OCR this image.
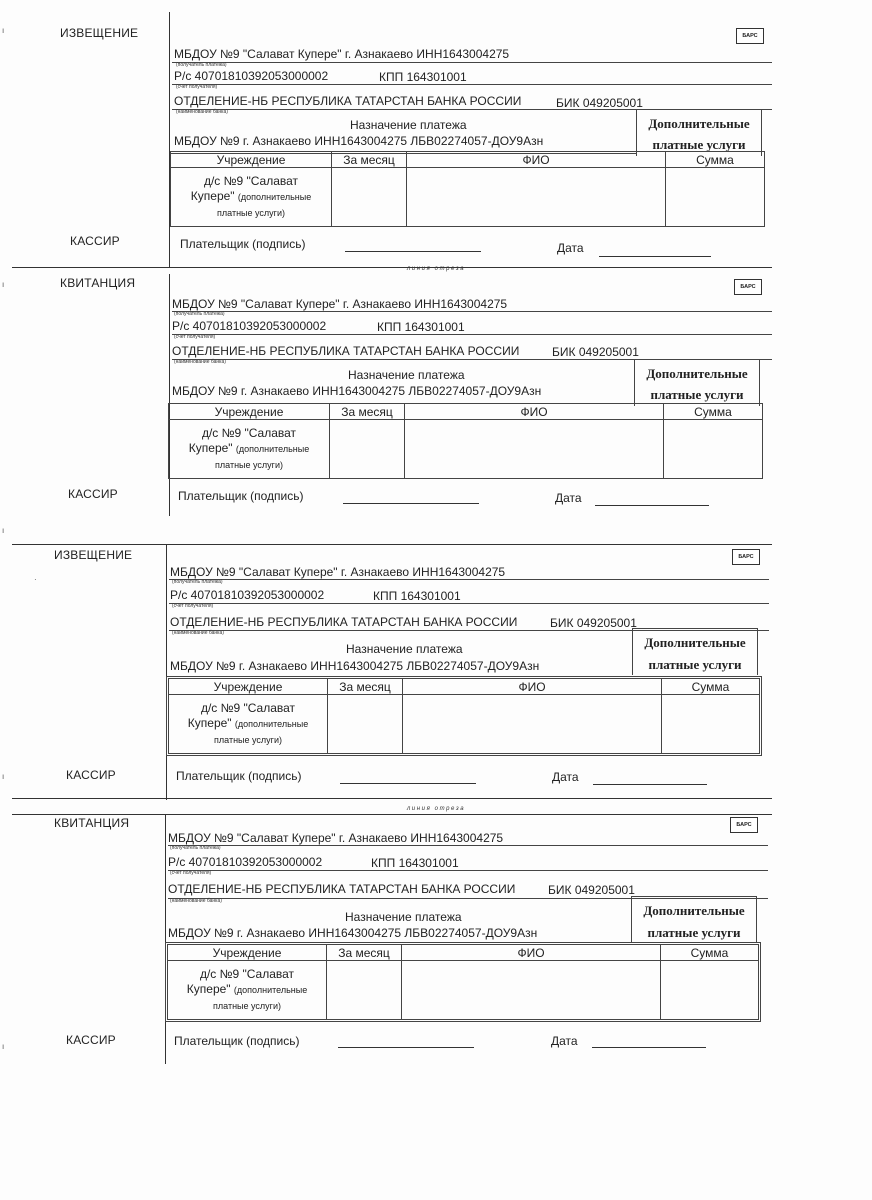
ИЗВЕЩЕНИЕ
КАССИР
БАРС
МБДОУ №9 "Салават Купере" г. Азнакаево ИНН1643004275
(получатель платежа)
Р/с 40701810392053000002	КПП 164301001
(счет получателя)
ОТДЕЛЕНИЕ-НБ РЕСПУБЛИКА ТАТАРСТАН БАНКА РОССИИ	БИК 049205001
(наименование банка)
Назначение платежа
МБДОУ №9 г. Азнакаево ИНН1643004275 ЛБВ02274057-ДОУ9Азн
Дополнительные
платные услуги
Учреждение	За месяц	ФИО	Сумма
д/с №9 "Салават
Купере" (дополнительные
платные услуги)			
Плательщик (подпись)	Дата
линия отреза
КВИТАНЦИЯ
КАССИР
БАРС
МБДОУ №9 "Салават Купере" г. Азнакаево ИНН1643004275
(получатель платежа)
Р/с 40701810392053000002	КПП 164301001
(счет получателя)
ОТДЕЛЕНИЕ-НБ РЕСПУБЛИКА ТАТАРСТАН БАНКА РОССИИ	БИК 049205001
(наименование банка)
Назначение платежа
МБДОУ №9 г. Азнакаево ИНН1643004275 ЛБВ02274057-ДОУ9Азн
Дополнительные
платные услуги
Учреждение	За месяц	ФИО	Сумма
д/с №9 "Салават
Купере" (дополнительные
платные услуги)			
Плательщик (подпись)	Дата
ИЗВЕЩЕНИЕ
КАССИР
БАРС
МБДОУ №9 "Салават Купере" г. Азнакаево ИНН1643004275
(получатель платежа)
Р/с 40701810392053000002	КПП 164301001
(счет получателя)
ОТДЕЛЕНИЕ-НБ РЕСПУБЛИКА ТАТАРСТАН БАНКА РОССИИ	БИК 049205001
(наименование банка)
Назначение платежа
МБДОУ №9 г. Азнакаево ИНН1643004275 ЛБВ02274057-ДОУ9Азн
Дополнительные
платные услуги
Учреждение	За месяц	ФИО	Сумма
д/с №9 "Салават
Купере" (дополнительные
платные услуги)			
Плательщик (подпись)	Дата
линия отреза
КВИТАНЦИЯ
КАССИР
БАРС
МБДОУ №9 "Салават Купере" г. Азнакаево ИНН1643004275
(получатель платежа)
Р/с 40701810392053000002	КПП 164301001
(счет получателя)
ОТДЕЛЕНИЕ-НБ РЕСПУБЛИКА ТАТАРСТАН БАНКА РОССИИ	БИК 049205001
(наименование банка)
Назначение платежа
МБДОУ №9 г. Азнакаево ИНН1643004275 ЛБВ02274057-ДОУ9Азн
Дополнительные
платные услуги
Учреждение	За месяц	ФИО	Сумма
д/с №9 "Салават
Купере" (дополнительные
платные услуги)			
Плательщик (подпись)	Дата
ı
ı
ı
·
ı
ı
